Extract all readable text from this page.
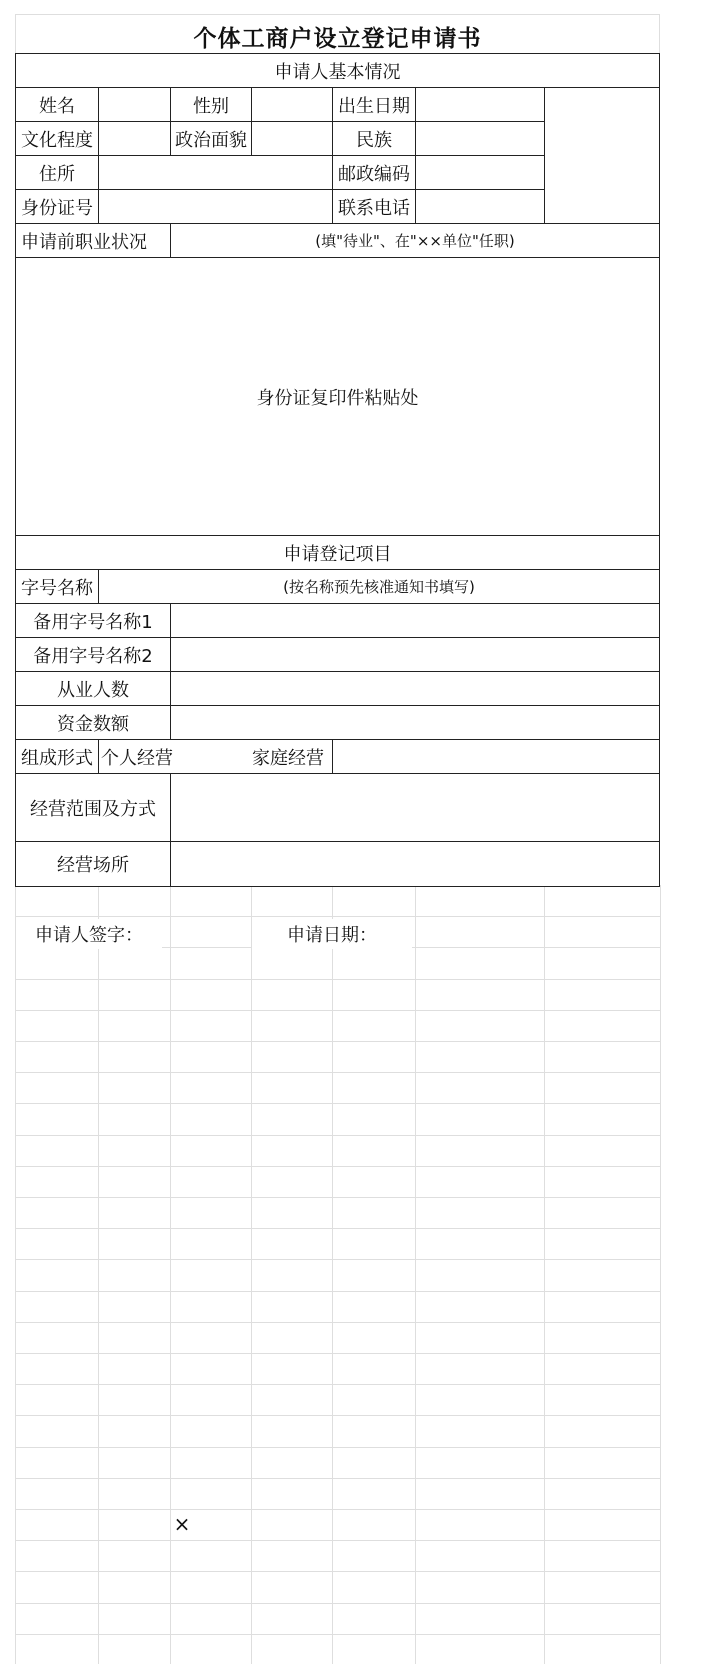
个体工商户设立登记申请书
申请人基本情况
姓名	性别	出生日期
文化程度	政治面貌	民族
住所	邮政编码
身份证号	联系电话
申请前职业状况	(填"待业"、在"××单位"任职)
身份证复印件粘贴处
申请登记项目
字号名称	(按名称预先核准通知书填写)
备用字号名称1
备用字号名称2
从业人数
资金数额
组成形式 个人经营	家庭经营
经营范围及方式
经营场所
申请人签字：	申请日期：
×
